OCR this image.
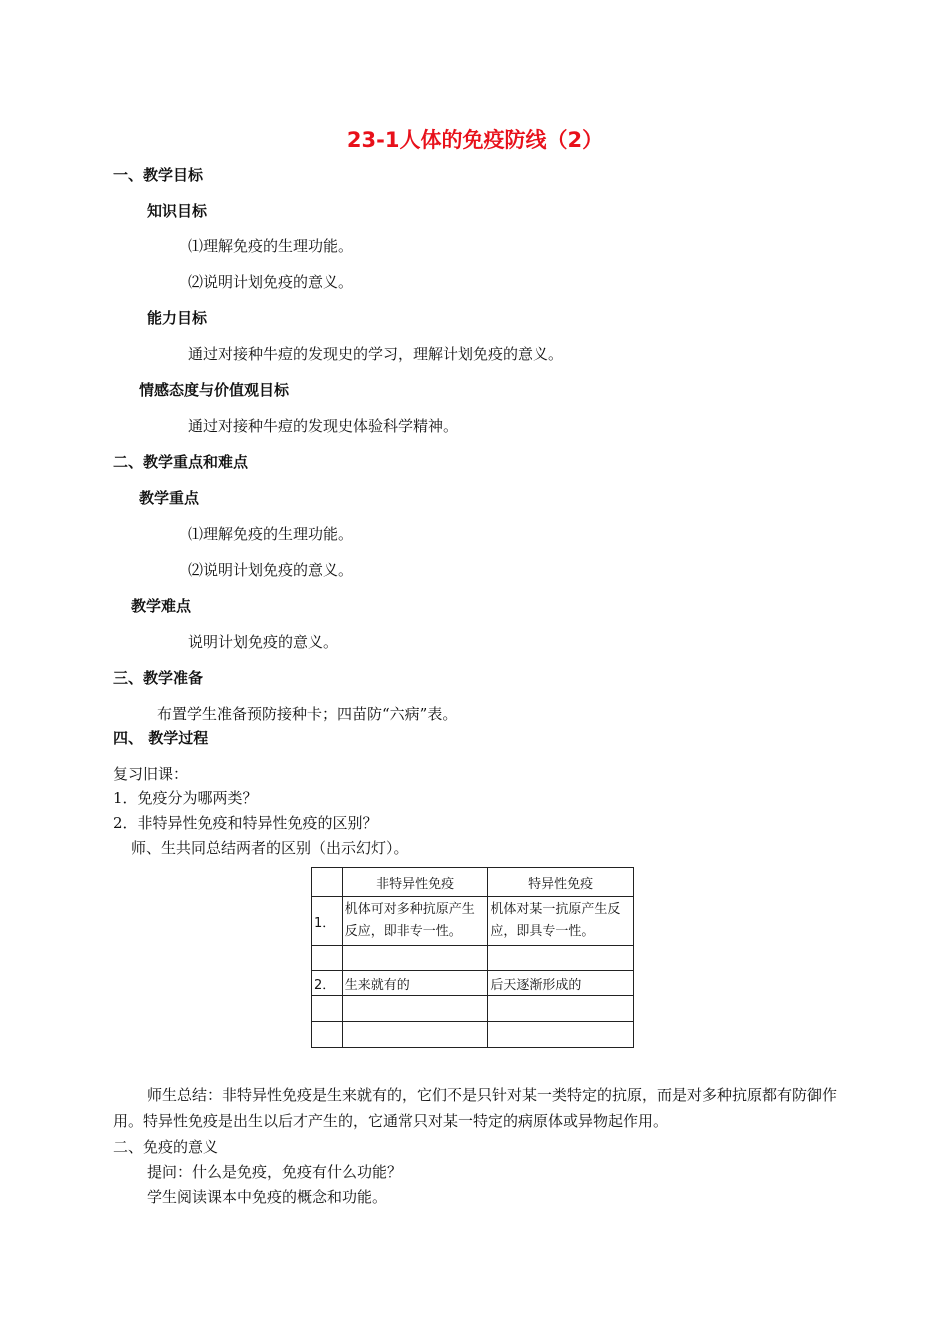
23-1人体的免疫防线（2）
一、教学目标
知识目标
⑴理解免疫的生理功能。
⑵说明计划免疫的意义。
能力目标
通过对接种牛痘的发现史的学习，理解计划免疫的意义。
情感态度与价值观目标
通过对接种牛痘的发现史体验科学精神。
二、教学重点和难点
教学重点
⑴理解免疫的生理功能。
⑵说明计划免疫的意义。
教学难点
说明计划免疫的意义。
三、教学准备
布置学生准备预防接种卡；四苗防“六病”表。
四、 教学过程
复习旧课：
1．免疫分为哪两类？
2．非特异性免疫和特异性免疫的区别？
师、生共同总结两者的区别（出示幻灯）。
	非特异性免疫	特异性免疫
1．	机体可对多种抗原产生反应，即非专一性。	机体对某一抗原产生反应，即具专一性。

2．	生来就有的	后天逐渐形成的

师生总结：非特异性免疫是生来就有的，它们不是只针对某一类特定的抗原，而是对多种抗原都有防御作用。特异性免疫是出生以后才产生的，它通常只对某一特定的病原体或异物起作用。
二、免疫的意义
提问：什么是免疫，免疫有什么功能？
学生阅读课本中免疫的概念和功能。
